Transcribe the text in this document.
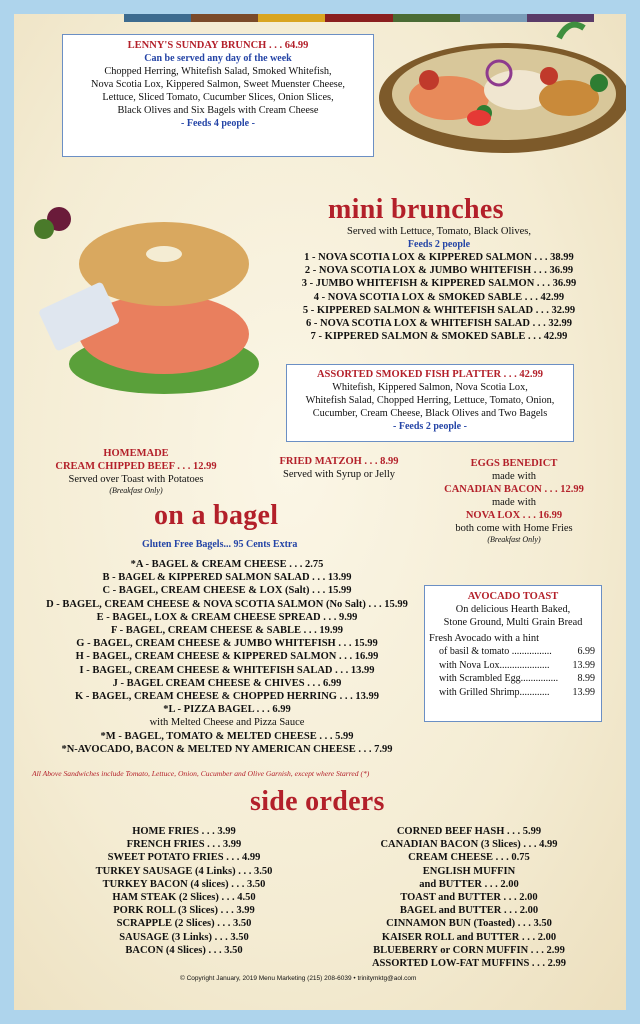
LENNY'S SUNDAY BRUNCH . . . 64.99
Can be served any day of the week
Chopped Herring, Whitefish Salad, Smoked Whitefish,
Nova Scotia Lox, Kippered Salmon, Sweet Muenster Cheese,
Lettuce, Sliced Tomato, Cucumber Slices, Onion Slices,
Black Olives and Six Bagels with Cream Cheese
- Feeds 4 people -
mini brunches
Served with Lettuce, Tomato, Black Olives,
Feeds 2 people
1 - NOVA SCOTIA LOX & KIPPERED SALMON . . . 38.99
2 - NOVA SCOTIA LOX & JUMBO WHITEFISH . . . 36.99
3 - JUMBO WHITEFISH & KIPPERED SALMON . . . 36.99
4 - NOVA SCOTIA LOX & SMOKED SABLE . . . 42.99
5 - KIPPERED SALMON & WHITEFISH SALAD . . . 32.99
6 - NOVA SCOTIA LOX & WHITEFISH SALAD . . . 32.99
7 - KIPPERED SALMON & SMOKED SABLE . . . 42.99
ASSORTED SMOKED FISH PLATTER . . . 42.99
Whitefish, Kippered Salmon, Nova Scotia Lox,
Whitefish Salad, Chopped Herring, Lettuce, Tomato, Onion,
Cucumber, Cream Cheese, Black Olives and Two Bagels
- Feeds 2 people -
HOMEMADE
CREAM CHIPPED BEEF . . . 12.99
Served over Toast with Potatoes
(Breakfast Only)
FRIED MATZOH . . . 8.99
Served with Syrup or Jelly
EGGS BENEDICT
made with
CANADIAN BACON . . . 12.99
made with
NOVA LOX . . . 16.99
both come with Home Fries
(Breakfast Only)
on a bagel
Gluten Free Bagels... 95 Cents Extra
*A - BAGEL & CREAM CHEESE . . . 2.75
B - BAGEL & KIPPERED SALMON SALAD . . . 13.99
C - BAGEL, CREAM CHEESE & LOX (Salt) . . . 15.99
D - BAGEL, CREAM CHEESE & NOVA SCOTIA SALMON (No Salt) . . . 15.99
E - BAGEL, LOX & CREAM CHEESE SPREAD . . . 9.99
F - BAGEL, CREAM CHEESE & SABLE . . . 19.99
G - BAGEL, CREAM CHEESE & JUMBO WHITEFISH . . . 15.99
H - BAGEL, CREAM CHEESE & KIPPERED SALMON . . . 16.99
I - BAGEL, CREAM CHEESE & WHITEFISH SALAD . . . 13.99
J - BAGEL CREAM CHEESE & CHIVES . . . 6.99
K - BAGEL, CREAM CHEESE & CHOPPED HERRING . . . 13.99
*L - PIZZA BAGEL . . . 6.99
with Melted Cheese and Pizza Sauce
*M - BAGEL, TOMATO & MELTED CHEESE . . . 5.99
*N-AVOCADO, BACON & MELTED NY AMERICAN CHEESE . . . 7.99
All Above Sandwiches include Tomato, Lettuce, Onion, Cucumber and Olive Garnish, except where Starred (*)
AVOCADO TOAST
On delicious Hearth Baked,
Stone Ground, Multi Grain Bread
Fresh Avocado with a hint
of basil & tomato ................	6.99
with Nova Lox.................... 13.99
with Scrambled Egg............... 8.99
with Grilled Shrimp............ 13.99
side orders
HOME FRIES . . . 3.99
FRENCH FRIES . . . 3.99
SWEET POTATO FRIES . . . 4.99
TURKEY SAUSAGE (4 Links) . . . 3.50
TURKEY BACON (4 slices) . . . 3.50
HAM STEAK (2 Slices) . . . 4.50
PORK ROLL (3 Slices) . . . 3.99
SCRAPPLE (2 Slices) . . . 3.50
SAUSAGE (3 Links) . . . 3.50
BACON (4 Slices) . . . 3.50
CORNED BEEF HASH . . . 5.99
CANADIAN BACON (3 Slices) . . . 4.99
CREAM CHEESE . . . 0.75
ENGLISH MUFFIN
and BUTTER . . . 2.00
TOAST and BUTTER . . . 2.00
BAGEL and BUTTER . . . 2.00
CINNAMON BUN (Toasted) . . . 3.50
KAISER ROLL and BUTTER . . . 2.00
BLUEBERRY or CORN MUFFIN . . . 2.99
ASSORTED LOW-FAT MUFFINS . . . 2.99
© Copyright January, 2019 Menu Marketing (215) 208-6039 • trinitymktg@aol.com
